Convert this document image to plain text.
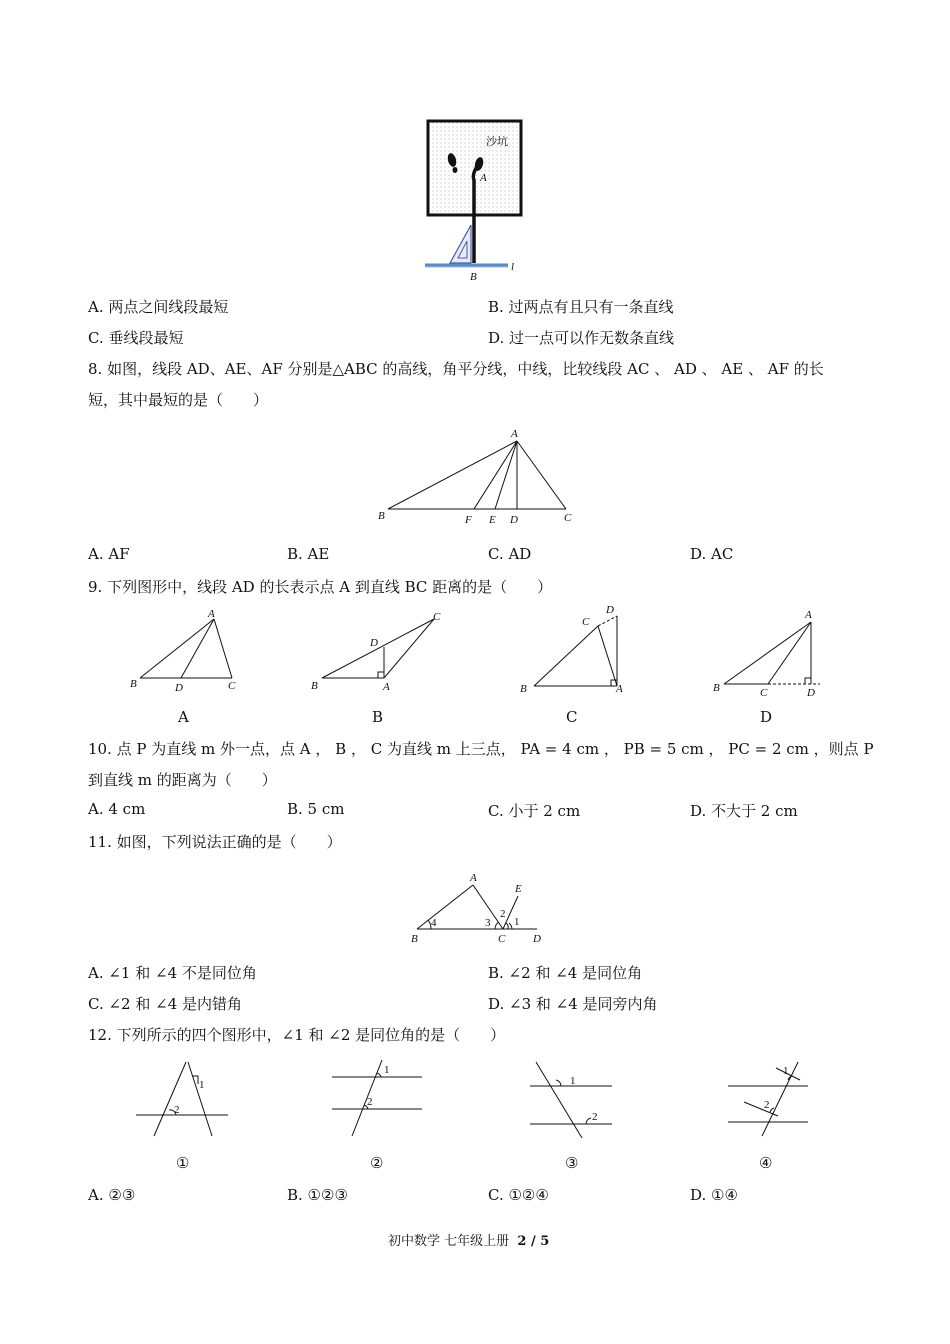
沙坑
A
B
l
A. 两点之间线段最短	B. 过两点有且只有一条直线
C. 垂线段最短	D. 过一点可以作无数条直线
8. 如图，线段 AD、AE、AF 分别是△ABC 的高线，角平分线，中线，比较线段 AC 、 AD 、 AE 、 AF 的长
短，其中最短的是（　　）
A
B	F E D	C
A. AF	B. AE	C. AD	D. AC
9. 下列图形中，线段 AD 的长表示点 A 到直线 BC 距离的是（　　）
A
B	D	C
C
D
B	A
D
C
B	A
A
B	C	D
A	B	C	D
10. 点 P 为直线 m 外一点，点 A ， B ， C 为直线 m 上三点， PA = 4 cm ， PB = 5 cm ， PC = 2 cm ，则点 P
到直线 m 的距离为（　　）
A. 4 cm	B. 5 cm	C. 小于 2 cm	D. 不大于 2 cm
11. 如图，下列说法正确的是（　　）
A
B	C	D
E
4	3
2
1
A. ∠1 和 ∠4 不是同位角	B. ∠2 和 ∠4 是同位角
C. ∠2 和 ∠4 是内错角	D. ∠3 和 ∠4 是同旁内角
12. 下列所示的四个图形中，∠1 和 ∠2 是同位角的是（　　）
1
2
1
2
1
2
1
2
①	②	③	④
A. ②③	B. ①②③	C. ①②④	D. ①④
初中数学 七年级上册 2 / 5
